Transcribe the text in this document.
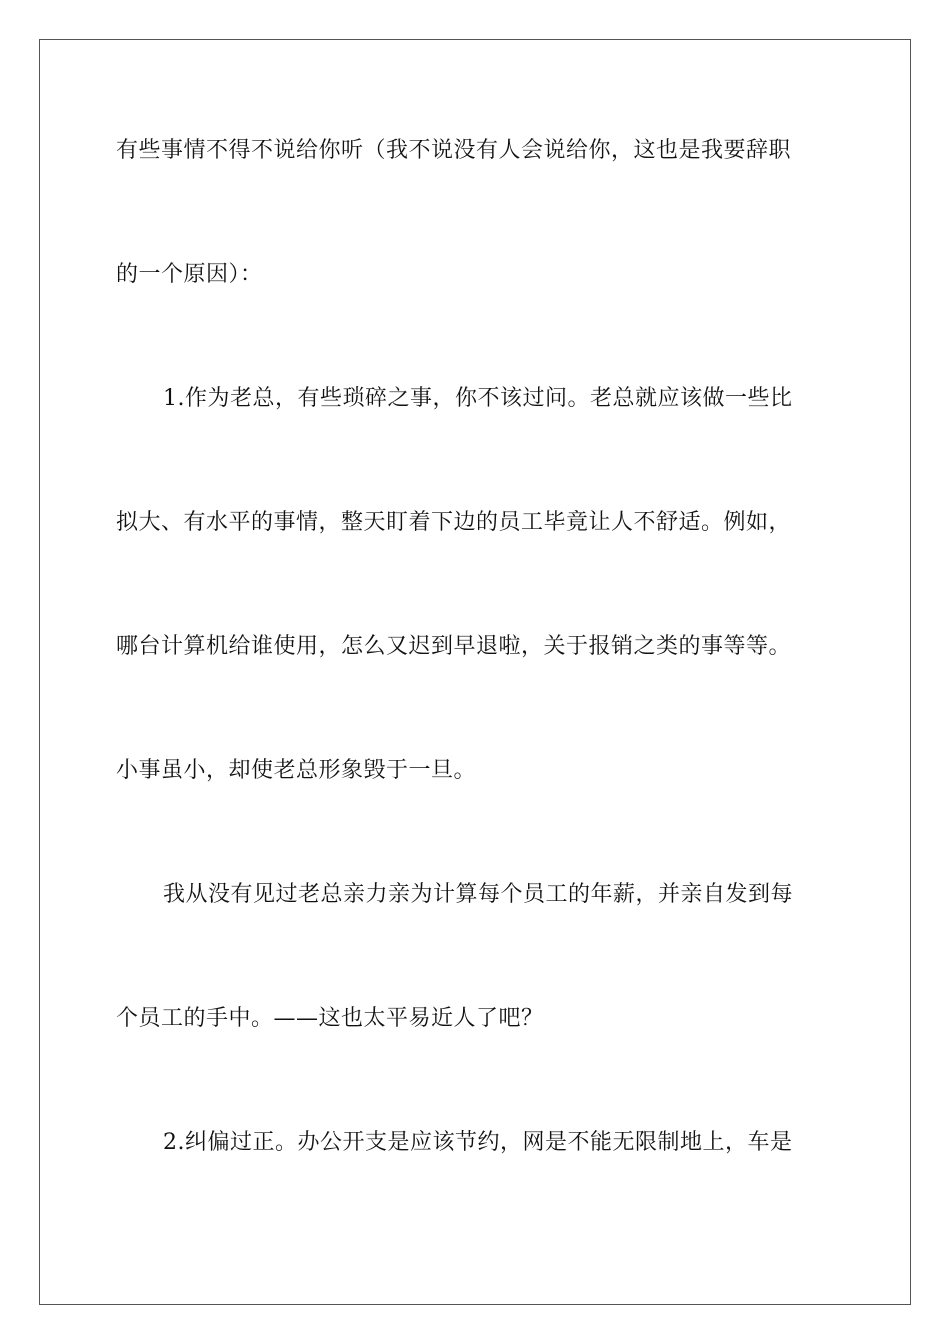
有些事情不得不说给你听（我不说没有人会说给你，这也是我要辞职
的一个原因）：
1.作为老总，有些琐碎之事，你不该过问。老总就应该做一些比
拟大、有水平的事情，整天盯着下边的员工毕竟让人不舒适。例如，
哪台计算机给谁使用，怎么又迟到早退啦，关于报销之类的事等等。
小事虽小，却使老总形象毁于一旦。
我从没有见过老总亲力亲为计算每个员工的年薪，并亲自发到每
个员工的手中。——这也太平易近人了吧？
2.纠偏过正。办公开支是应该节约，网是不能无限制地上，车是
